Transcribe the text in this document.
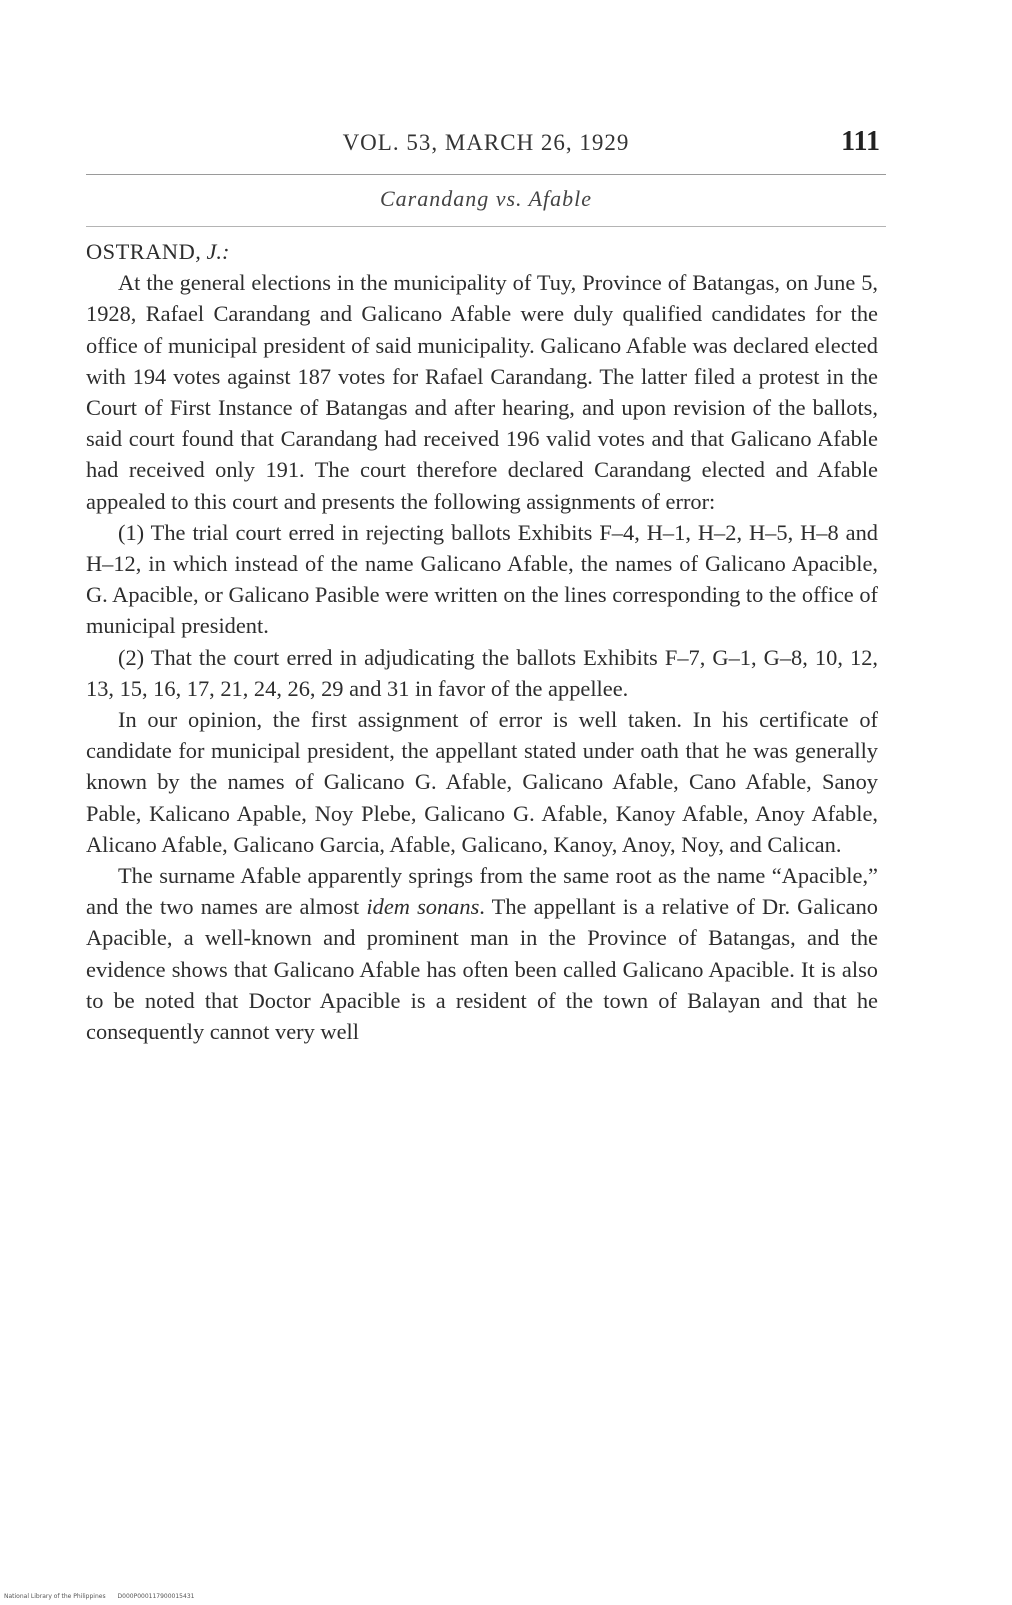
VOL. 53, MARCH 26, 1929	111
Carandang vs. Afable

OSTRAND, J.:

At the general elections in the municipality of Tuy, Province of Batangas, on June 5, 1928, Rafael Carandang and Galicano Afable were duly qualified candidates for the office of municipal president of said municipality. Galicano Afable was declared elected with 194 votes against 187 votes for Rafael Carandang. The latter filed a protest in the Court of First Instance of Batangas and after hearing, and upon revision of the ballots, said court found that Carandang had received 196 valid votes and that Galicano Afable had received only 191. The court therefore declared Carandang elected and Afable appealed to this court and presents the following assignments of error:

(1) The trial court erred in rejecting ballots Exhibits F–4, H–1, H–2, H–5, H–8 and H–12, in which instead of the name Galicano Afable, the names of Galicano Apacible, G. Apacible, or Galicano Pasible were written on the lines corresponding to the office of municipal president.

(2) That the court erred in adjudicating the ballots Exhibits F–7, G–1, G–8, 10, 12, 13, 15, 16, 17, 21, 24, 26, 29 and 31 in favor of the appellee.

In our opinion, the first assignment of error is well taken. In his certificate of candidate for municipal president, the appellant stated under oath that he was generally known by the names of Galicano G. Afable, Galicano Afable, Cano Afable, Sanoy Pable, Kalicano Apable, Noy Plebe, Galicano G. Afable, Kanoy Afable, Anoy Afable, Alicano Afable, Galicano Garcia, Afable, Galicano, Kanoy, Anoy, Noy, and Calican.

The surname Afable apparently springs from the same root as the name “Apacible,” and the two names are almost idem sonans. The appellant is a relative of Dr. Galicano Apacible, a well-known and prominent man in the Province of Batangas, and the evidence shows that Galicano Afable has often been called Galicano Apacible. It is also to be noted that Doctor Apacible is a resident of the town of Balayan and that he consequently cannot very well

National Library of the Philippines D000P000117900015431
